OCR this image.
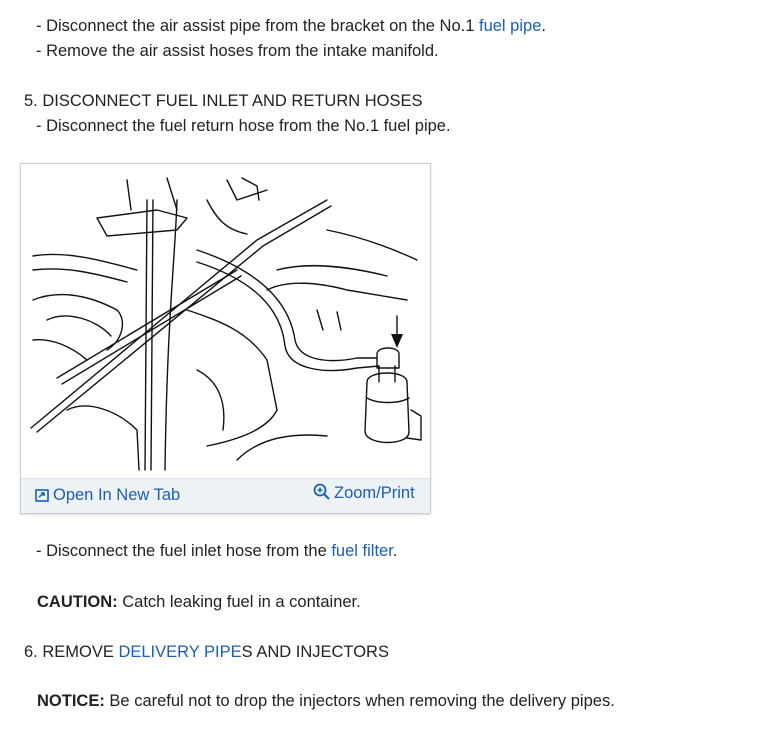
- Disconnect the air assist pipe from the bracket on the No.1 fuel pipe.
- Remove the air assist hoses from the intake manifold.
5. DISCONNECT FUEL INLET AND RETURN HOSES
- Disconnect the fuel return hose from the No.1 fuel pipe.
Open In New Tab	Zoom/Print
- Disconnect the fuel inlet hose from the fuel filter.
CAUTION: Catch leaking fuel in a container.
6. REMOVE DELIVERY PIPES AND INJECTORS
NOTICE: Be careful not to drop the injectors when removing the delivery pipes.
